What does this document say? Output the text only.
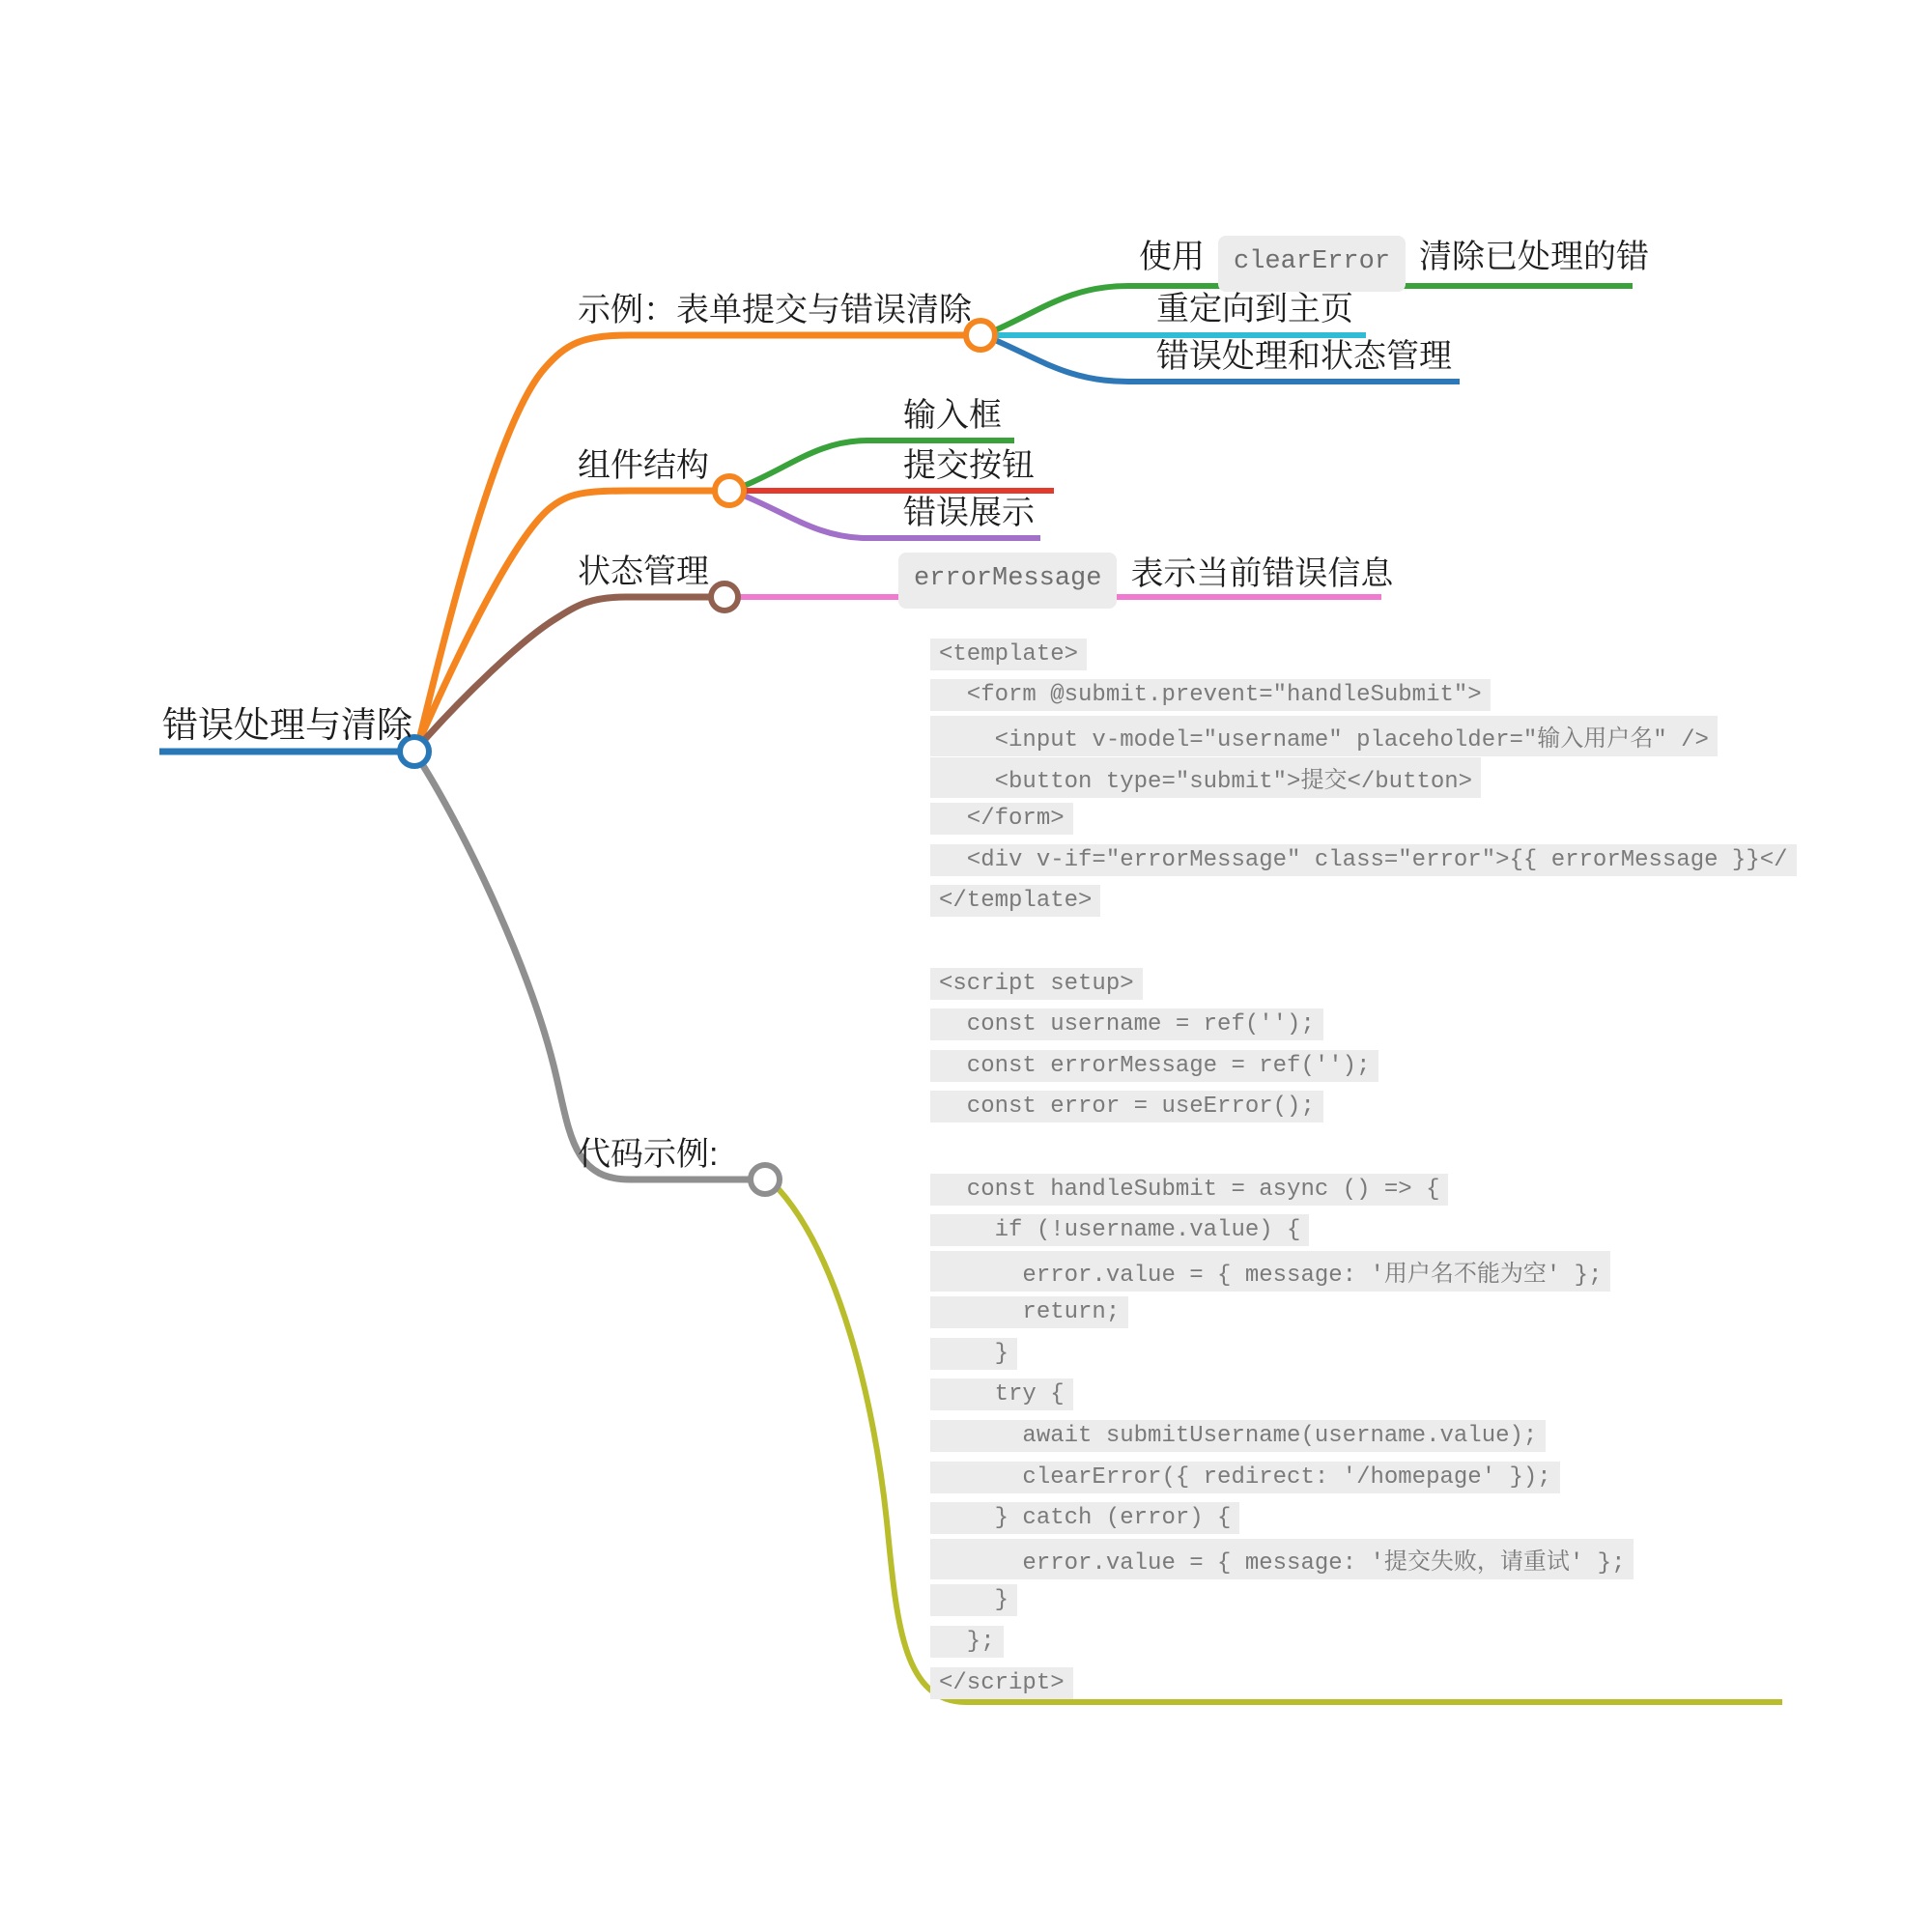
错误处理与清除
示例：表单提交与错误清除
使用	clearError 清除已处理的错
重定向到主页
错误处理和状态管理
组件结构
输入框
提交按钮
错误展示
状态管理	errorMessage 表示当前错误信息
代码示例:
<template>
<form @submit.prevent="handleSubmit">
<input v-model="username" placeholder="输入用户名" />
<button type="submit">提交</button>
</form>
<div v-if="errorMessage" class="error">{{ errorMessage }}</
</template>
<script setup>
const username = ref('');
const errorMessage = ref('');
const error = useError();
const handleSubmit = async () => {
if (!username.value) {
error.value = { message: '用户名不能为空' };
return;
}
try {
await submitUsername(username.value);
clearError({ redirect: '/homepage' });
} catch (error) {
error.value = { message: '提交失败，请重试' };
}
};
</script>
